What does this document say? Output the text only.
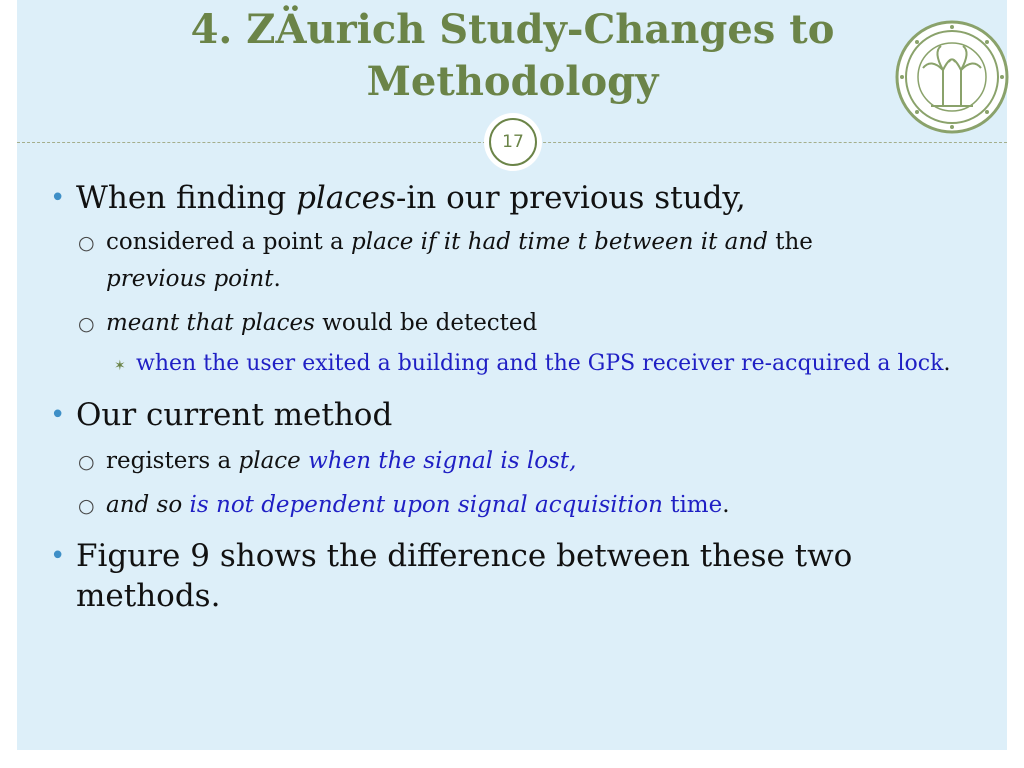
4. ZÄurich Study-Changes to Methodology
17
• When finding places-in our previous study,
○ considered a point a place if it had time t between it and the
previous point.
○ meant that places would be detected
✶ when the user exited a building and the GPS receiver re-acquired a lock.
• Our current method
○ registers a place when the signal is lost,
○ and so is not dependent upon signal acquisition time.
• Figure 9 shows the difference between these two methods.
